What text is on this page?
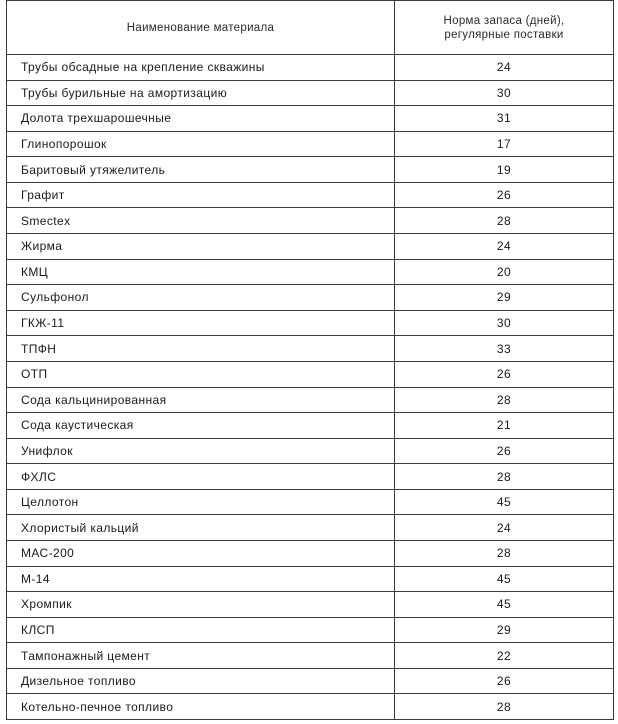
Наименование материала	Норма запаса (дней),
регулярные поставки

Трубы обсадные на крепление скважины	24
Трубы бурильные на амортизацию	30
Долота трехшарошечные	31
Глинопорошок	17
Баритовый утяжелитель	19
Графит	26
Smectex	28
Жирма	24
КМЦ	20
Сульфонол	29
ГКЖ-11	30
ТПФН	33
ОТП	26
Сода кальцинированная	28
Сода каустическая	21
Унифлок	26
ФХЛС	28
Целлотон	45
Хлористый кальций	24
МАС-200	28
М-14	45
Хромпик	45
КЛСП	29
Тампонажный цемент	22
Дизельное топливо	26
Котельно-печное топливо	28
